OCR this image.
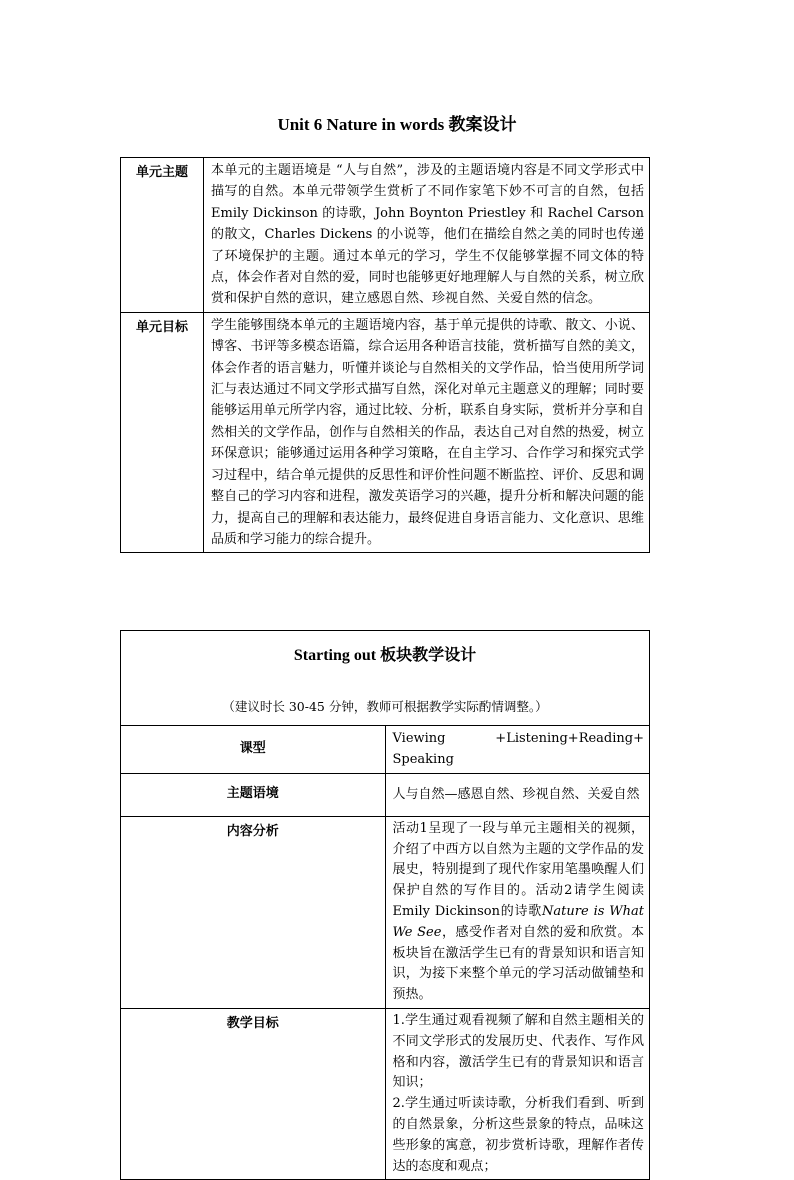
Unit 6 Nature in words 教案设计
单元主题	本单元的主题语境是 “人与自然”，涉及的主题语境内容是不同文学形式中描写的自然。本单元带领学生赏析了不同作家笔下妙不可言的自然，包括 Emily Dickinson 的诗歌，John Boynton Priestley 和 Rachel Carson 的散文，Charles Dickens 的小说等，他们在描绘自然之美的同时也传递了环境保护的主题。通过本单元的学习，学生不仅能够掌握不同文体的特点，体会作者对自然的爱，同时也能够更好地理解人与自然的关系，树立欣赏和保护自然的意识，建立感恩自然、珍视自然、关爱自然的信念。
单元目标	学生能够围绕本单元的主题语境内容，基于单元提供的诗歌、散文、小说、博客、书评等多模态语篇，综合运用各种语言技能，赏析描写自然的美文，体会作者的语言魅力，听懂并谈论与自然相关的文学作品，恰当使用所学词汇与表达通过不同文学形式描写自然，深化对单元主题意义的理解；同时要能够运用单元所学内容，通过比较、分析，联系自身实际，赏析并分享和自然相关的文学作品，创作与自然相关的作品，表达自己对自然的热爱，树立环保意识；能够通过运用各种学习策略，在自主学习、合作学习和探究式学习过程中，结合单元提供的反思性和评价性问题不断监控、评价、反思和调整自己的学习内容和进程，激发英语学习的兴趣，提升分析和解决问题的能力，提高自己的理解和表达能力，最终促进自身语言能力、文化意识、思维品质和学习能力的综合提升。
Starting out 板块教学设计
（建议时长 30-45 分钟，教师可根据教学实际酌情调整。）	

课型	Viewing +Listening+Reading+ Speaking
主题语境	人与自然—感恩自然、珍视自然、关爱自然
内容分析	活动1呈现了一段与单元主题相关的视频，介绍了中西方以自然为主题的文学作品的发展史，特别提到了现代作家用笔墨唤醒人们保护自然的写作目的。活动2请学生阅读Emily Dickinson的诗歌Nature is What We See，感受作者对自然的爱和欣赏。本板块旨在激活学生已有的背景知识和语言知识，为接下来整个单元的学习活动做铺垫和预热。
教学目标	1.学生通过观看视频了解和自然主题相关的不同文学形式的发展历史、代表作、写作风格和内容，激活学生已有的背景知识和语言知识；
2.学生通过听读诗歌，分析我们看到、听到的自然景象，分析这些景象的特点，品味这些形象的寓意，初步赏析诗歌，理解作者传达的态度和观点；
